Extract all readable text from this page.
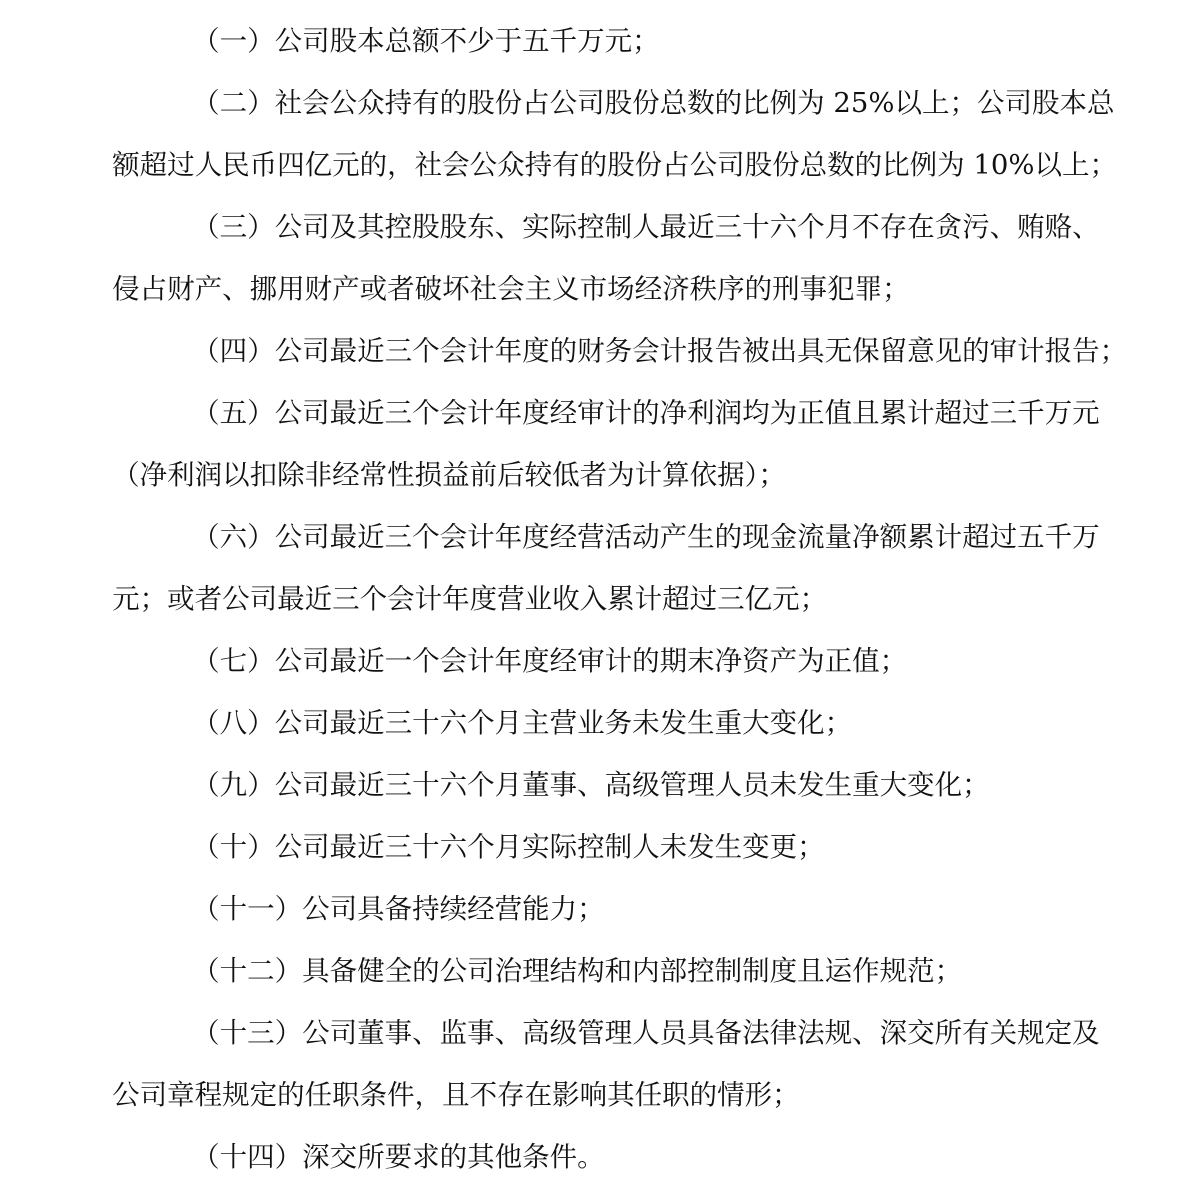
（一）公司股本总额不少于五千万元；
（二）社会公众持有的股份占公司股份总数的比例为 25%以上；公司股本总
额超过人民币四亿元的，社会公众持有的股份占公司股份总数的比例为 10%以上；
（三）公司及其控股股东、实际控制人最近三十六个月不存在贪污、贿赂、
侵占财产、挪用财产或者破坏社会主义市场经济秩序的刑事犯罪；
（四）公司最近三个会计年度的财务会计报告被出具无保留意见的审计报告；
（五）公司最近三个会计年度经审计的净利润均为正值且累计超过三千万元
（净利润以扣除非经常性损益前后较低者为计算依据）；
（六）公司最近三个会计年度经营活动产生的现金流量净额累计超过五千万
元；或者公司最近三个会计年度营业收入累计超过三亿元；
（七）公司最近一个会计年度经审计的期末净资产为正值；
（八）公司最近三十六个月主营业务未发生重大变化；
（九）公司最近三十六个月董事、高级管理人员未发生重大变化；
（十）公司最近三十六个月实际控制人未发生变更；
（十一）公司具备持续经营能力；
（十二）具备健全的公司治理结构和内部控制制度且运作规范；
（十三）公司董事、监事、高级管理人员具备法律法规、深交所有关规定及
公司章程规定的任职条件，且不存在影响其任职的情形；
（十四）深交所要求的其他条件。
